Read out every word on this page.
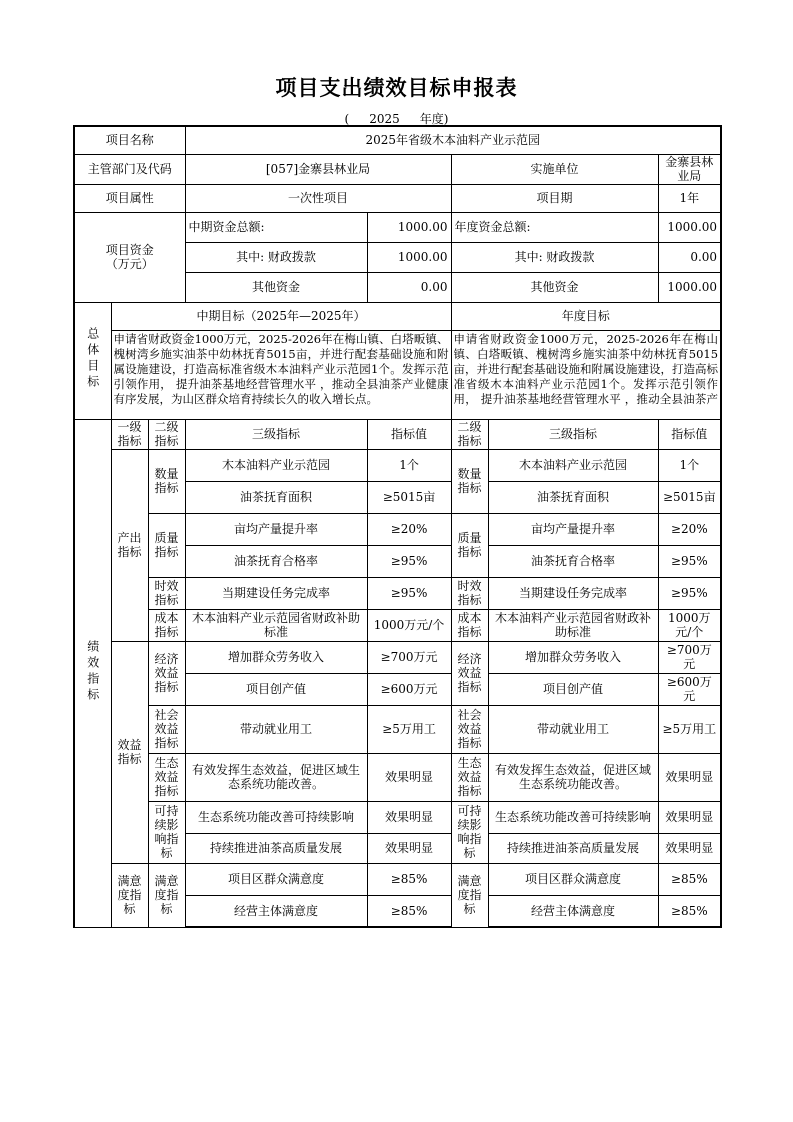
项目支出绩效目标申报表
( 2025 年度)
项目名称			2025年省级木本油料产业示范园				
主管部门及代码			[057]金寨县林业局		实施单位		金寨县林业局
项目属性			一次性项目		项目期		1年
项目资金
（万元）			中期资金总额:	1000.00	年度资金总额:		1000.00
			其中: 财政拨款	1000.00	其中: 财政拨款		0.00
			其他资金	0.00	其他资金		1000.00
总体目标	中期目标（2025年—2025年）				年度目标		

	申请省财政资金1000万元，2025-2026年在梅山镇、白塔畈镇、槐树湾乡施实油茶中幼林抚育5015亩，并进行配套基础设施和附属设施建设，打造高标准省级木本油料产业示范园1个。发挥示范引领作用， 提升油茶基地经营管理水平 ，推动全县油茶产业健康有序发展，为山区群众培育持续长久的收入增长点。				申请省财政资金1000万元，2025-2026年在梅山镇、白塔畈镇、槐树湾乡施实油茶中幼林抚育5015亩，并进行配套基础设施和附属设施建设，打造高标准省级木本油料产业示范园1个。发挥示范引领作用， 提升油茶基地经营管理水平 ，推动全县油茶产		

绩效指标	一级指标	二级指标	三级指标	指标值	二级指标	三级指标	指标值
	产出指标	数量指标	木本油料产业示范园	1个	数量指标	木本油料产业示范园	1个
			油茶抚育面积	≥5015亩		油茶抚育面积	≥5015亩
		质量指标	亩均产量提升率	≥20%	质量指标	亩均产量提升率	≥20%
			油茶抚育合格率	≥95%		油茶抚育合格率	≥95%
		时效指标	当期建设任务完成率	≥95%	时效指标	当期建设任务完成率	≥95%
		成本指标	木本油料产业示范园省财政补助标准	1000万元/个	成本指标	木本油料产业示范园省财政补助标准	1000万元/个
	效益指标	经济效益指标	增加群众劳务收入	≥700万元	经济效益指标	增加群众劳务收入	≥700万元
			项目创产值	≥600万元		项目创产值	≥600万元
		社会效益指标	带动就业用工	≥5万用工	社会效益指标	带动就业用工	≥5万用工
		生态效益指标	有效发挥生态效益，促进区域生态系统功能改善。	效果明显	生态效益指标	有效发挥生态效益，促进区域生态系统功能改善。	效果明显
		可持续影响指标	生态系统功能改善可持续影响	效果明显	可持续影响指标	生态系统功能改善可持续影响	效果明显
			持续推进油茶高质量发展	效果明显		持续推进油茶高质量发展	效果明显
	满意度指标	满意度指标	项目区群众满意度	≥85%	满意度指标	项目区群众满意度	≥85%
			经营主体满意度	≥85%		经营主体满意度	≥85%
